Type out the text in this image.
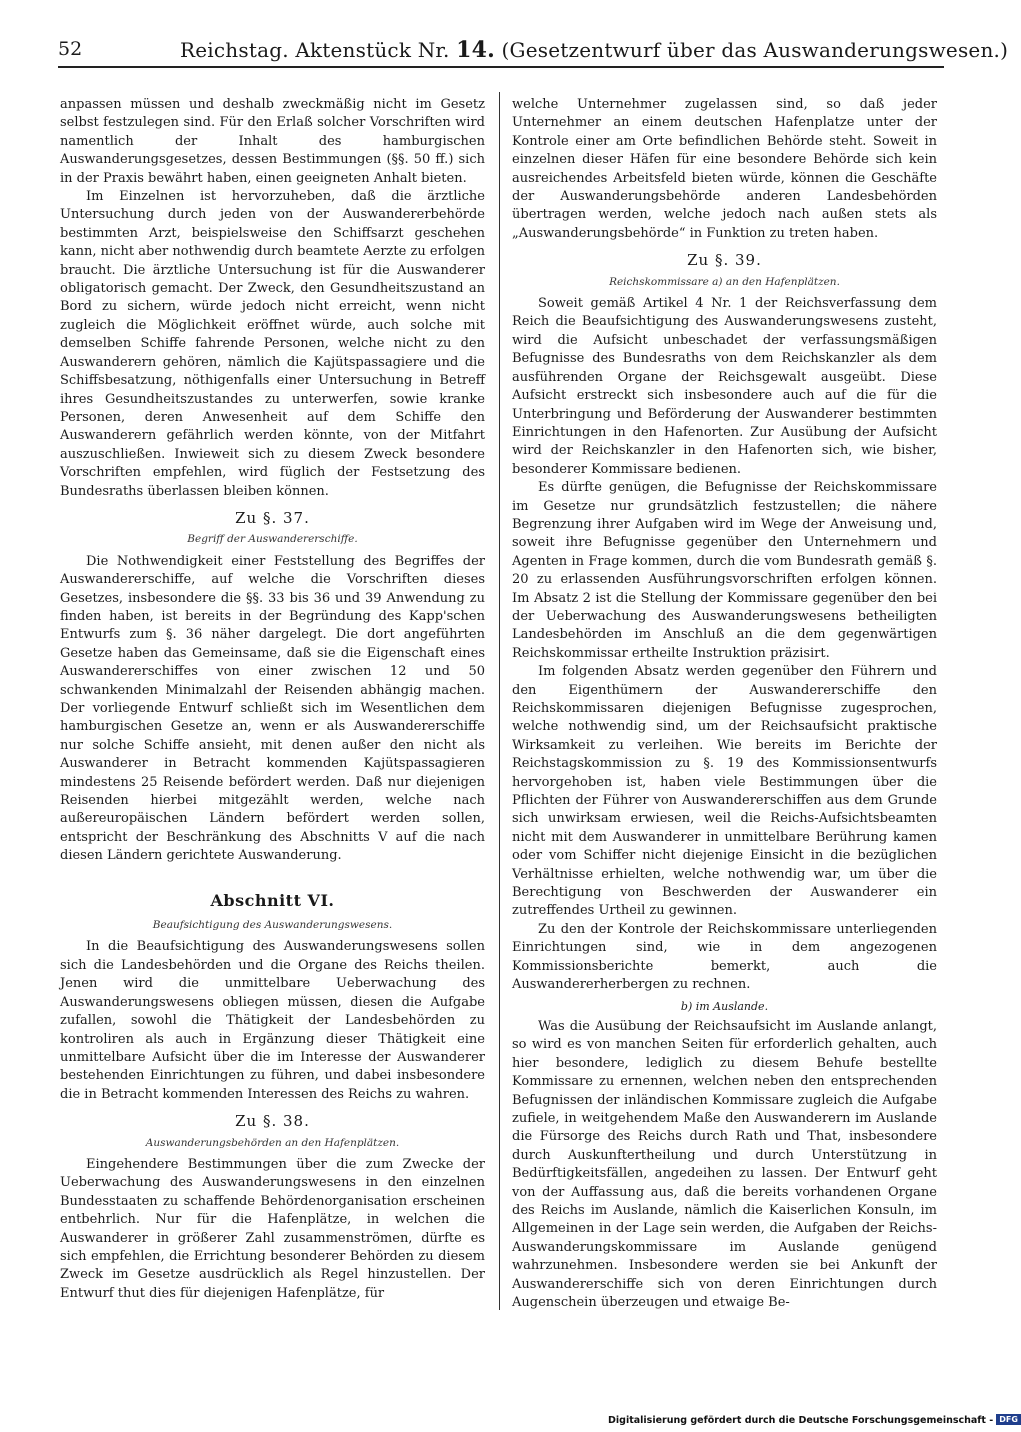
52	Reichstag. Aktenstück Nr. 14. (Gesetzentwurf über das Auswanderungswesen.)

anpassen müssen und deshalb zweckmäßig nicht im Gesetz selbst festzulegen sind. Für den Erlaß solcher Vorschriften wird namentlich der Inhalt des hamburgischen Auswanderungsgesetzes, dessen Bestimmungen (§§. 50 ff.) sich in der Praxis bewährt haben, einen geeigneten Anhalt bieten.

Im Einzelnen ist hervorzuheben, daß die ärztliche Untersuchung durch jeden von der Auswandererbehörde bestimmten Arzt, beispielsweise den Schiffsarzt geschehen kann, nicht aber nothwendig durch beamtete Aerzte zu erfolgen braucht. Die ärztliche Untersuchung ist für die Auswanderer obligatorisch gemacht. Der Zweck, den Gesundheitszustand an Bord zu sichern, würde jedoch nicht erreicht, wenn nicht zugleich die Möglichkeit eröffnet würde, auch solche mit demselben Schiffe fahrende Personen, welche nicht zu den Auswanderern gehören, nämlich die Kajütspassagiere und die Schiffsbesatzung, nöthigenfalls einer Untersuchung in Betreff ihres Gesundheitszustandes zu unterwerfen, sowie kranke Personen, deren Anwesenheit auf dem Schiffe den Auswanderern gefährlich werden könnte, von der Mitfahrt auszuschließen. Inwieweit sich zu diesem Zweck besondere Vorschriften empfehlen, wird füglich der Festsetzung des Bundesraths überlassen bleiben können.

Zu §. 37.
Begriff der Auswandererschiffe.

Die Nothwendigkeit einer Feststellung des Begriffes der Auswandererschiffe, auf welche die Vorschriften dieses Gesetzes, insbesondere die §§. 33 bis 36 und 39 Anwendung zu finden haben, ist bereits in der Begründung des Kapp'schen Entwurfs zum §. 36 näher dargelegt. Die dort angeführten Gesetze haben das Gemeinsame, daß sie die Eigenschaft eines Auswandererschiffes von einer zwischen 12 und 50 schwankenden Minimalzahl der Reisenden abhängig machen. Der vorliegende Entwurf schließt sich im Wesentlichen dem hamburgischen Gesetze an, wenn er als Auswandererschiffe nur solche Schiffe ansieht, mit denen außer den nicht als Auswanderer in Betracht kommenden Kajütspassagieren mindestens 25 Reisende befördert werden. Daß nur diejenigen Reisenden hierbei mitgezählt werden, welche nach außereuropäischen Ländern befördert werden sollen, entspricht der Beschränkung des Abschnitts V auf die nach diesen Ländern gerichtete Auswanderung.

Abschnitt VI.
Beaufsichtigung des Auswanderungswesens.

In die Beaufsichtigung des Auswanderungswesens sollen sich die Landesbehörden und die Organe des Reichs theilen. Jenen wird die unmittelbare Ueberwachung des Auswanderungswesens obliegen müssen, diesen die Aufgabe zufallen, sowohl die Thätigkeit der Landesbehörden zu kontroliren als auch in Ergänzung dieser Thätigkeit eine unmittelbare Aufsicht über die im Interesse der Auswanderer bestehenden Einrichtungen zu führen, und dabei insbesondere die in Betracht kommenden Interessen des Reichs zu wahren.

Zu §. 38.
Auswanderungsbehörden an den Hafenplätzen.

Eingehendere Bestimmungen über die zum Zwecke der Ueberwachung des Auswanderungswesens in den einzelnen Bundesstaaten zu schaffende Behördenorganisation erscheinen entbehrlich. Nur für die Hafenplätze, in welchen die Auswanderer in größerer Zahl zusammenströmen, dürfte es sich empfehlen, die Errichtung besonderer Behörden zu diesem Zweck im Gesetze ausdrücklich als Regel hinzustellen. Der Entwurf thut dies für diejenigen Hafenplätze, für

welche Unternehmer zugelassen sind, so daß jeder Unternehmer an einem deutschen Hafenplatze unter der Kontrole einer am Orte befindlichen Behörde steht. Soweit in einzelnen dieser Häfen für eine besondere Behörde sich kein ausreichendes Arbeitsfeld bieten würde, können die Geschäfte der Auswanderungsbehörde anderen Landesbehörden übertragen werden, welche jedoch nach außen stets als „Auswanderungsbehörde“ in Funktion zu treten haben.

Zu §. 39.
Reichskommissare a) an den Hafenplätzen.

Soweit gemäß Artikel 4 Nr. 1 der Reichsverfassung dem Reich die Beaufsichtigung des Auswanderungswesens zusteht, wird die Aufsicht unbeschadet der verfassungsmäßigen Befugnisse des Bundesraths von dem Reichskanzler als dem ausführenden Organe der Reichsgewalt ausgeübt. Diese Aufsicht erstreckt sich insbesondere auch auf die für die Unterbringung und Beförderung der Auswanderer bestimmten Einrichtungen in den Hafenorten. Zur Ausübung der Aufsicht wird der Reichskanzler in den Hafenorten sich, wie bisher, besonderer Kommissare bedienen.

Es dürfte genügen, die Befugnisse der Reichskommissare im Gesetze nur grundsätzlich festzustellen; die nähere Begrenzung ihrer Aufgaben wird im Wege der Anweisung und, soweit ihre Befugnisse gegenüber den Unternehmern und Agenten in Frage kommen, durch die vom Bundesrath gemäß §. 20 zu erlassenden Ausführungsvorschriften erfolgen können. Im Absatz 2 ist die Stellung der Kommissare gegenüber den bei der Ueberwachung des Auswanderungswesens betheiligten Landesbehörden im Anschluß an die dem gegenwärtigen Reichskommissar ertheilte Instruktion präzisirt.

Im folgenden Absatz werden gegenüber den Führern und den Eigenthümern der Auswandererschiffe den Reichskommissaren diejenigen Befugnisse zugesprochen, welche nothwendig sind, um der Reichsaufsicht praktische Wirksamkeit zu verleihen. Wie bereits im Berichte der Reichstagskommission zu §. 19 des Kommissionsentwurfs hervorgehoben ist, haben viele Bestimmungen über die Pflichten der Führer von Auswandererschiffen aus dem Grunde sich unwirksam erwiesen, weil die Reichs-Aufsichtsbeamten nicht mit dem Auswanderer in unmittelbare Berührung kamen oder vom Schiffer nicht diejenige Einsicht in die bezüglichen Verhältnisse erhielten, welche nothwendig war, um über die Berechtigung von Beschwerden der Auswanderer ein zutreffendes Urtheil zu gewinnen.

Zu den der Kontrole der Reichskommissare unterliegenden Einrichtungen sind, wie in dem angezogenen Kommissionsberichte bemerkt, auch die Auswandererherbergen zu rechnen.

b) im Auslande.

Was die Ausübung der Reichsaufsicht im Auslande anlangt, so wird es von manchen Seiten für erforderlich gehalten, auch hier besondere, lediglich zu diesem Behufe bestellte Kommissare zu ernennen, welchen neben den entsprechenden Befugnissen der inländischen Kommissare zugleich die Aufgabe zufiele, in weitgehendem Maße den Auswanderern im Auslande die Fürsorge des Reichs durch Rath und That, insbesondere durch Auskunftertheilung und durch Unterstützung in Bedürftigkeitsfällen, angedeihen zu lassen. Der Entwurf geht von der Auffassung aus, daß die bereits vorhandenen Organe des Reichs im Auslande, nämlich die Kaiserlichen Konsuln, im Allgemeinen in der Lage sein werden, die Aufgaben der Reichs-Auswanderungskommissare im Auslande genügend wahrzunehmen. Insbesondere werden sie bei Ankunft der Auswandererschiffe sich von deren Einrichtungen durch Augenschein überzeugen und etwaige Be-

Digitalisierung gefördert durch die Deutsche Forschungsgemeinschaft - DFG
